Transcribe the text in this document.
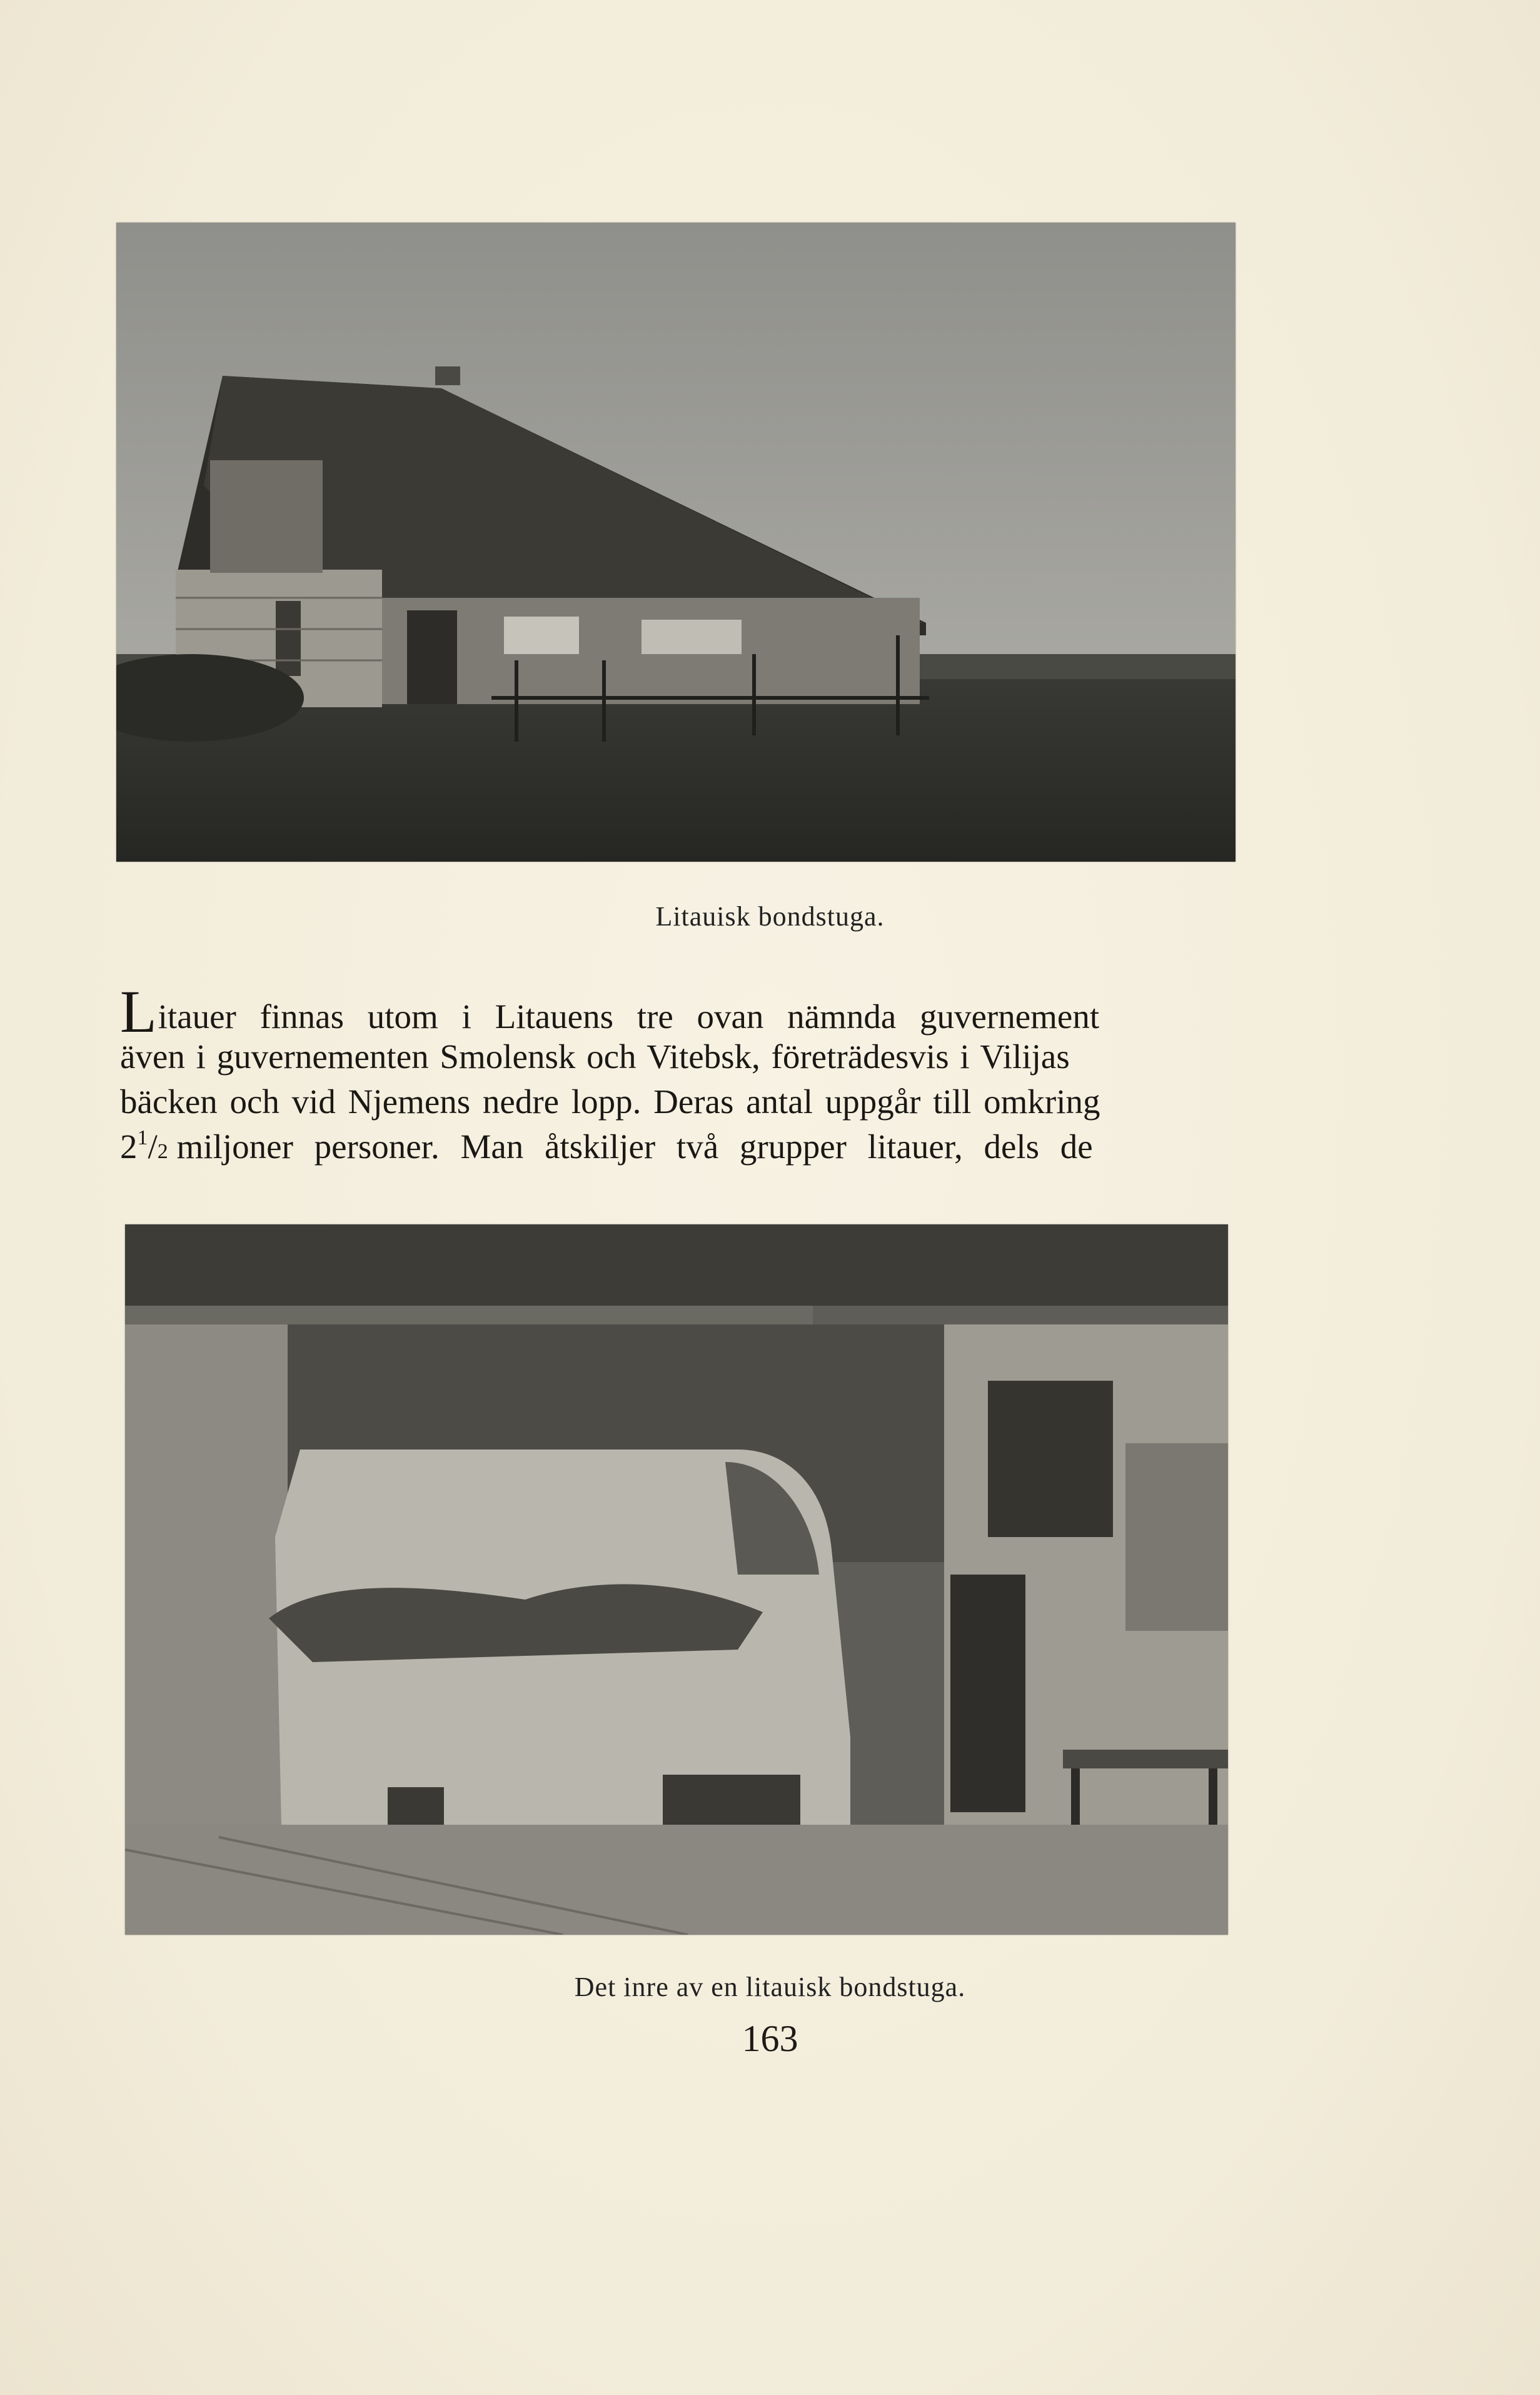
Litauisk bondstuga.
Litauer finnas utom i Litauens tre ovan nämnda guvernement
även i guvernementen Smolensk och Vitebsk, företrädesvis i Vilijas
bäcken och vid Njemens nedre lopp. Deras antal uppgår till omkring
$2^1/2$ miljoner personer. Man åtskiljer två grupper litauer, dels de
Det inre av en litauisk bondstuga.
163
